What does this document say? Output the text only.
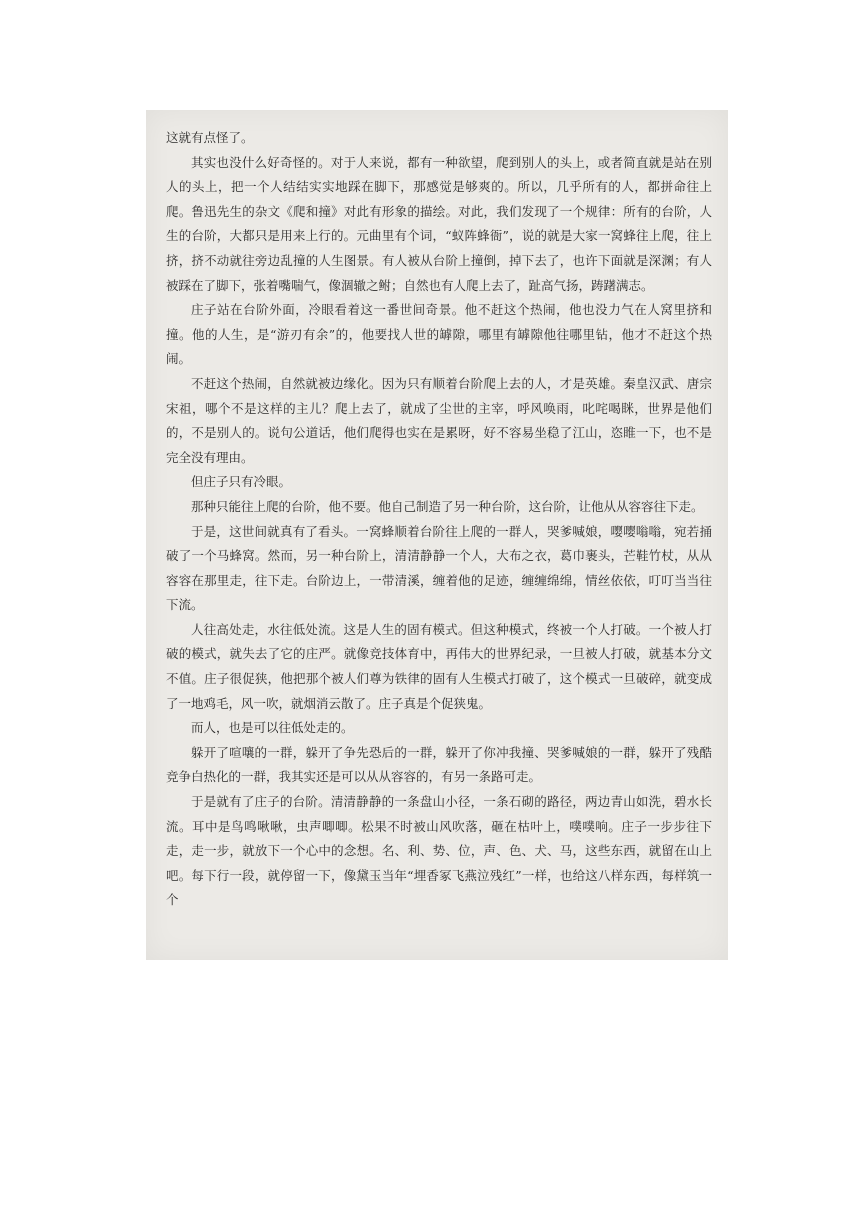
这就有点怪了。

其实也没什么好奇怪的。对于人来说，都有一种欲望，爬到别人的头上，或者简直就是站在别人的头上，把一个人结结实实地踩在脚下，那感觉是够爽的。所以，几乎所有的人，都拼命往上爬。鲁迅先生的杂文《爬和撞》对此有形象的描绘。对此，我们发现了一个规律：所有的台阶，人生的台阶，大都只是用来上行的。元曲里有个词，“蚁阵蜂衙”，说的就是大家一窝蜂往上爬，往上挤，挤不动就往旁边乱撞的人生图景。有人被从台阶上撞倒，掉下去了，也许下面就是深渊；有人被踩在了脚下，张着嘴喘气，像涸辙之鲋；自然也有人爬上去了，趾高气扬，踌躇满志。

庄子站在台阶外面，冷眼看着这一番世间奇景。他不赶这个热闹，他也没力气在人窝里挤和撞。他的人生，是“游刃有余”的，他要找人世的罅隙，哪里有罅隙他往哪里钻，他才不赶这个热闹。

不赶这个热闹，自然就被边缘化。因为只有顺着台阶爬上去的人，才是英雄。秦皇汉武、唐宗宋祖，哪个不是这样的主儿？爬上去了，就成了尘世的主宰，呼风唤雨，叱咤喝眯，世界是他们的，不是别人的。说句公道话，他们爬得也实在是累呀，好不容易坐稳了江山，恣睢一下，也不是完全没有理由。

但庄子只有冷眼。

那种只能往上爬的台阶，他不要。他自己制造了另一种台阶，这台阶，让他从从容容往下走。

于是，这世间就真有了看头。一窝蜂顺着台阶往上爬的一群人，哭爹喊娘，嘤嘤嗡嗡，宛若捅破了一个马蜂窝。然而，另一种台阶上，清清静静一个人，大布之衣，葛巾裹头，芒鞋竹杖，从从容容在那里走，往下走。台阶边上，一带清溪，缠着他的足迹，缠缠绵绵，情丝依依，叮叮当当往下流。

人往高处走，水往低处流。这是人生的固有模式。但这种模式，终被一个人打破。一个被人打破的模式，就失去了它的庄严。就像竞技体育中，再伟大的世界纪录，一旦被人打破，就基本分文不值。庄子很促狭，他把那个被人们尊为铁律的固有人生模式打破了，这个模式一旦破碎，就变成了一地鸡毛，风一吹，就烟消云散了。庄子真是个促狭鬼。

而人，也是可以往低处走的。

躲开了喧嚷的一群，躲开了争先恐后的一群，躲开了你冲我撞、哭爹喊娘的一群，躲开了残酷竞争白热化的一群，我其实还是可以从从容容的，有另一条路可走。

于是就有了庄子的台阶。清清静静的一条盘山小径，一条石砌的路径，两边青山如洗，碧水长流。耳中是鸟鸣啾啾，虫声唧唧。松果不时被山风吹落，砸在枯叶上，噗噗响。庄子一步步往下走，走一步，就放下一个心中的念想。名、利、势、位，声、色、犬、马，这些东西，就留在山上吧。每下行一段，就停留一下，像黛玉当年“埋香冢飞燕泣残红”一样，也给这八样东西，每样筑一个
